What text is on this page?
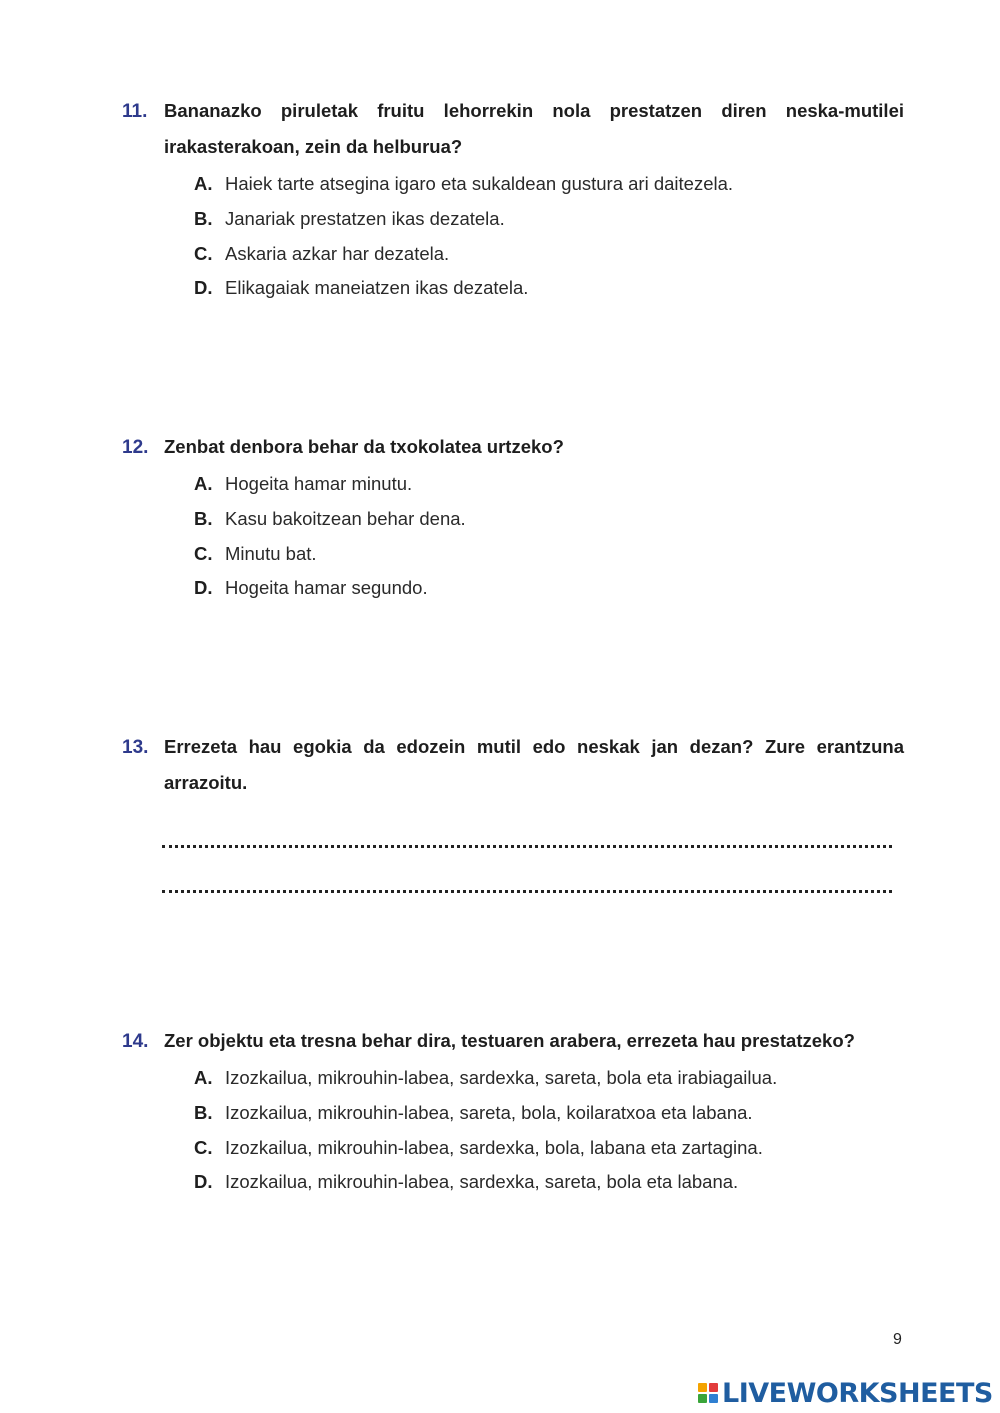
11. Bananazko piruletak fruitu lehorrekin nola prestatzen diren neska-mutilei irakasterakoan, zein da helburua?
A. Haiek tarte atsegina igaro eta sukaldean gustura ari daitezela.
B. Janariak prestatzen ikas dezatela.
C. Askaria azkar har dezatela.
D. Elikagaiak maneiatzen ikas dezatela.
12. Zenbat denbora behar da txokolatea urtzeko?
A. Hogeita hamar minutu.
B. Kasu bakoitzean behar dena.
C. Minutu bat.
D. Hogeita hamar segundo.
13. Errezeta hau egokia da edozein mutil edo neskak jan dezan? Zure erantzuna arrazoitu.
14. Zer objektu eta tresna behar dira, testuaren arabera, errezeta hau prestatzeko?
A. Izozkailua, mikrouhin-labea, sardexka, sareta, bola eta irabiagailua.
B. Izozkailua, mikrouhin-labea, sareta, bola, koilaratxoa eta labana.
C. Izozkailua, mikrouhin-labea, sardexka, bola, labana eta zartagina.
D. Izozkailua, mikrouhin-labea, sardexka, sareta, bola eta labana.
9
LIVEWORKSHEETS
